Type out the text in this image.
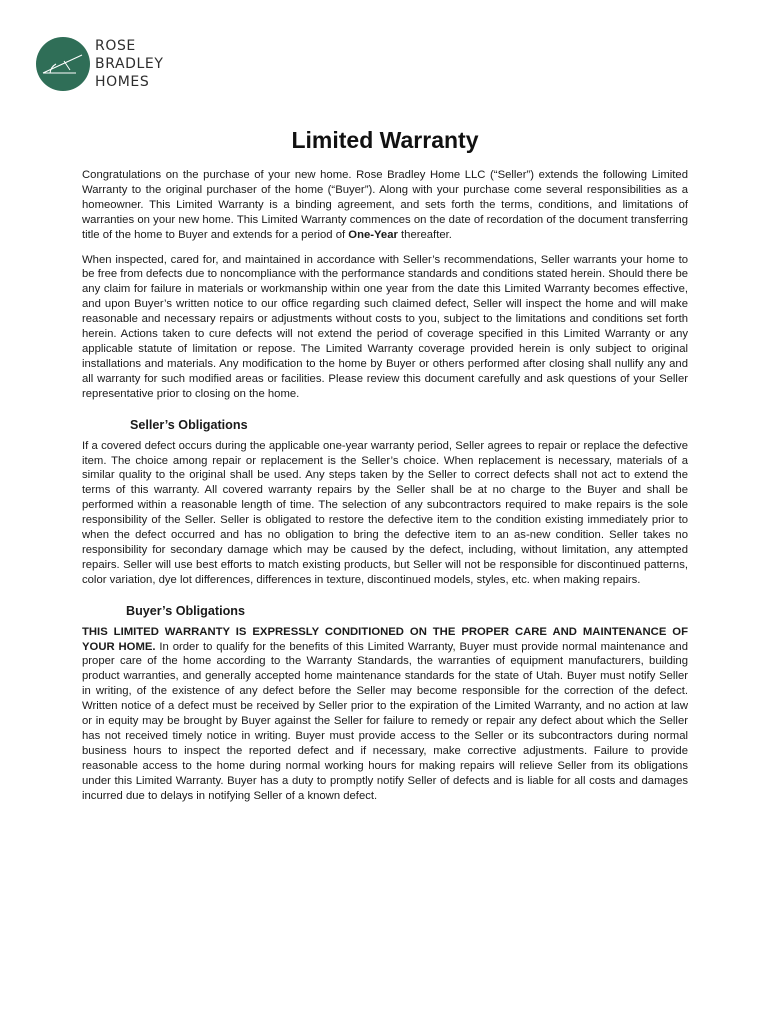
ROSE
BRADLEY
HOMES
Limited Warranty

Congratulations on the purchase of your new home. Rose Bradley Home LLC (“Seller”) extends the following Limited Warranty to the original purchaser of the home (“Buyer”). Along with your purchase come several responsibilities as a homeowner. This Limited Warranty is a binding agreement, and sets forth the terms, conditions, and limitations of warranties on your new home. This Limited Warranty commences on the date of recordation of the document transferring title of the home to Buyer and extends for a period of One-Year thereafter.

When inspected, cared for, and maintained in accordance with Seller’s recommendations, Seller warrants your home to be free from defects due to noncompliance with the performance standards and conditions stated herein. Should there be any claim for failure in materials or workmanship within one year from the date this Limited Warranty becomes effective, and upon Buyer’s written notice to our office regarding such claimed defect, Seller will inspect the home and will make reasonable and necessary repairs or adjustments without costs to you, subject to the limitations and conditions set forth herein. Actions taken to cure defects will not extend the period of coverage specified in this Limited Warranty or any applicable statute of limitation or repose. The Limited Warranty coverage provided herein is only subject to original installations and materials. Any modification to the home by Buyer or others performed after closing shall nullify any and all warranty for such modified areas or facilities. Please review this document carefully and ask questions of your Seller representative prior to closing on the home.

Seller’s Obligations

If a covered defect occurs during the applicable one-year warranty period, Seller agrees to repair or replace the defective item. The choice among repair or replacement is the Seller’s choice. When replacement is necessary, materials of a similar quality to the original shall be used. Any steps taken by the Seller to correct defects shall not act to extend the terms of this warranty. All covered warranty repairs by the Seller shall be at no charge to the Buyer and shall be performed within a reasonable length of time. The selection of any subcontractors required to make repairs is the sole responsibility of the Seller. Seller is obligated to restore the defective item to the condition existing immediately prior to when the defect occurred and has no obligation to bring the defective item to an as-new condition. Seller takes no responsibility for secondary damage which may be caused by the defect, including, without limitation, any attempted repairs. Seller will use best efforts to match existing products, but Seller will not be responsible for discontinued patterns, color variation, dye lot differences, differences in texture, discontinued models, styles, etc. when making repairs.

Buyer’s Obligations

THIS LIMITED WARRANTY IS EXPRESSLY CONDITIONED ON THE PROPER CARE AND MAINTENANCE OF YOUR HOME. In order to qualify for the benefits of this Limited Warranty, Buyer must provide normal maintenance and proper care of the home according to the Warranty Standards, the warranties of equipment manufacturers, building product warranties, and generally accepted home maintenance standards for the state of Utah. Buyer must notify Seller in writing, of the existence of any defect before the Seller may become responsible for the correction of the defect. Written notice of a defect must be received by Seller prior to the expiration of the Limited Warranty, and no action at law or in equity may be brought by Buyer against the Seller for failure to remedy or repair any defect about which the Seller has not received timely notice in writing. Buyer must provide access to the Seller or its subcontractors during normal business hours to inspect the reported defect and if necessary, make corrective adjustments. Failure to provide reasonable access to the home during normal working hours for making repairs will relieve Seller from its obligations under this Limited Warranty. Buyer has a duty to promptly notify Seller of defects and is liable for all costs and damages incurred due to delays in notifying Seller of a known defect.
